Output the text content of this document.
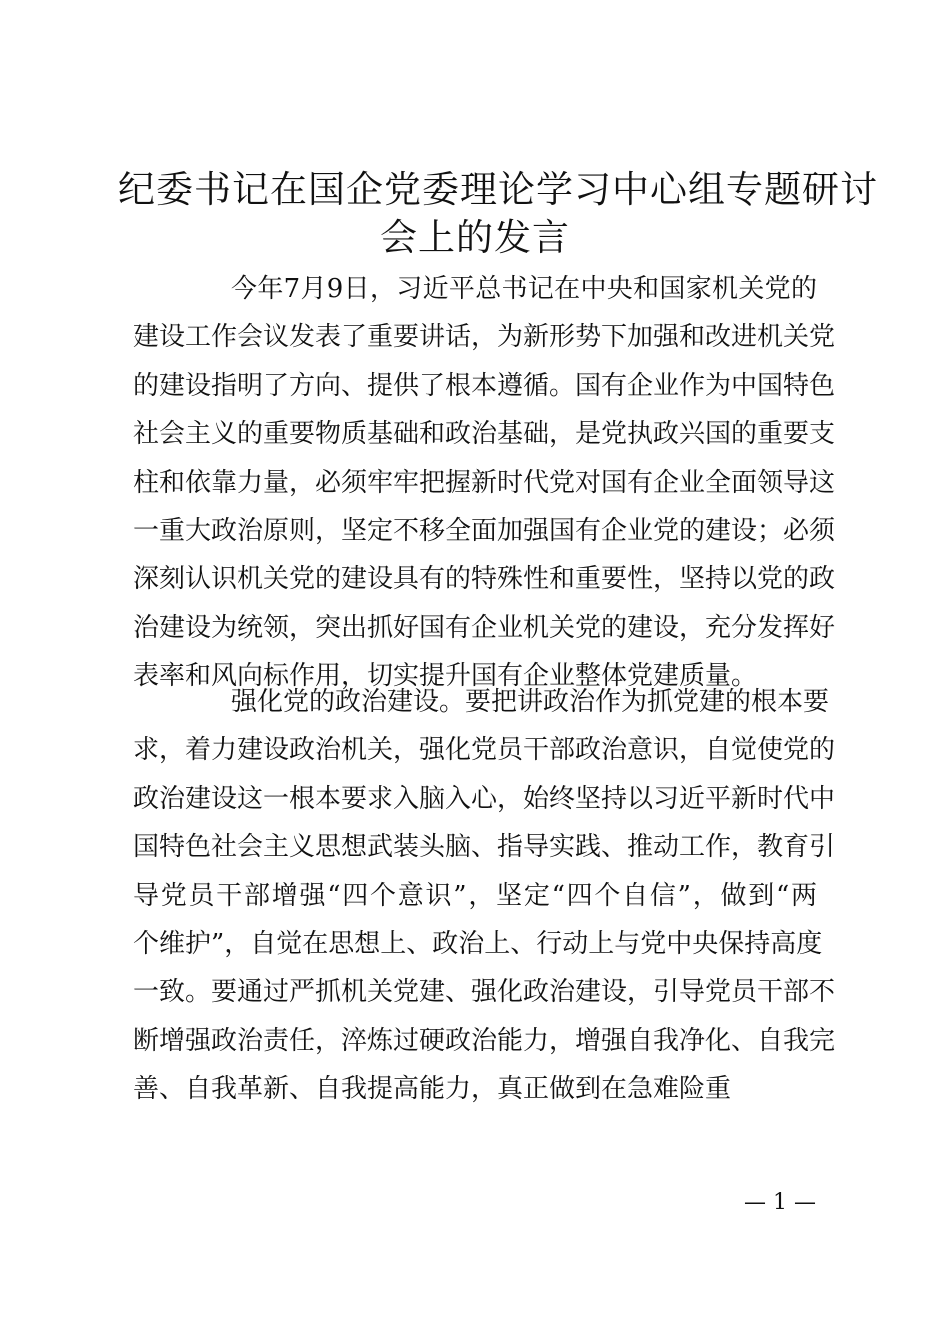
纪委书记在国企党委理论学习中心组专题研讨
会上的发言

今年7月9日，习近平总书记在中央和国家机关党的
建设工作会议发表了重要讲话，为新形势下加强和改进机关党
的建设指明了方向、提供了根本遵循。国有企业作为中国特色
社会主义的重要物质基础和政治基础，是党执政兴国的重要支
柱和依靠力量，必须牢牢把握新时代党对国有企业全面领导这
一重大政治原则，坚定不移全面加强国有企业党的建设；必须
深刻认识机关党的建设具有的特殊性和重要性，坚持以党的政
治建设为统领，突出抓好国有企业机关党的建设，充分发挥好
表率和风向标作用，切实提升国有企业整体党建质量。

强化党的政治建设。要把讲政治作为抓党建的根本要
求，着力建设政治机关，强化党员干部政治意识，自觉使党的
政治建设这一根本要求入脑入心，始终坚持以习近平新时代中
国特色社会主义思想武装头脑、指导实践、推动工作，教育引
导党员干部增强“四个意识”，坚定“四个自信”，做到“两
个维护”，自觉在思想上、政治上、行动上与党中央保持高度
一致。要通过严抓机关党建、强化政治建设，引导党员干部不
断增强政治责任，淬炼过硬政治能力，增强自我净化、自我完
善、自我革新、自我提高能力，真正做到在急难险重

— 1 —
